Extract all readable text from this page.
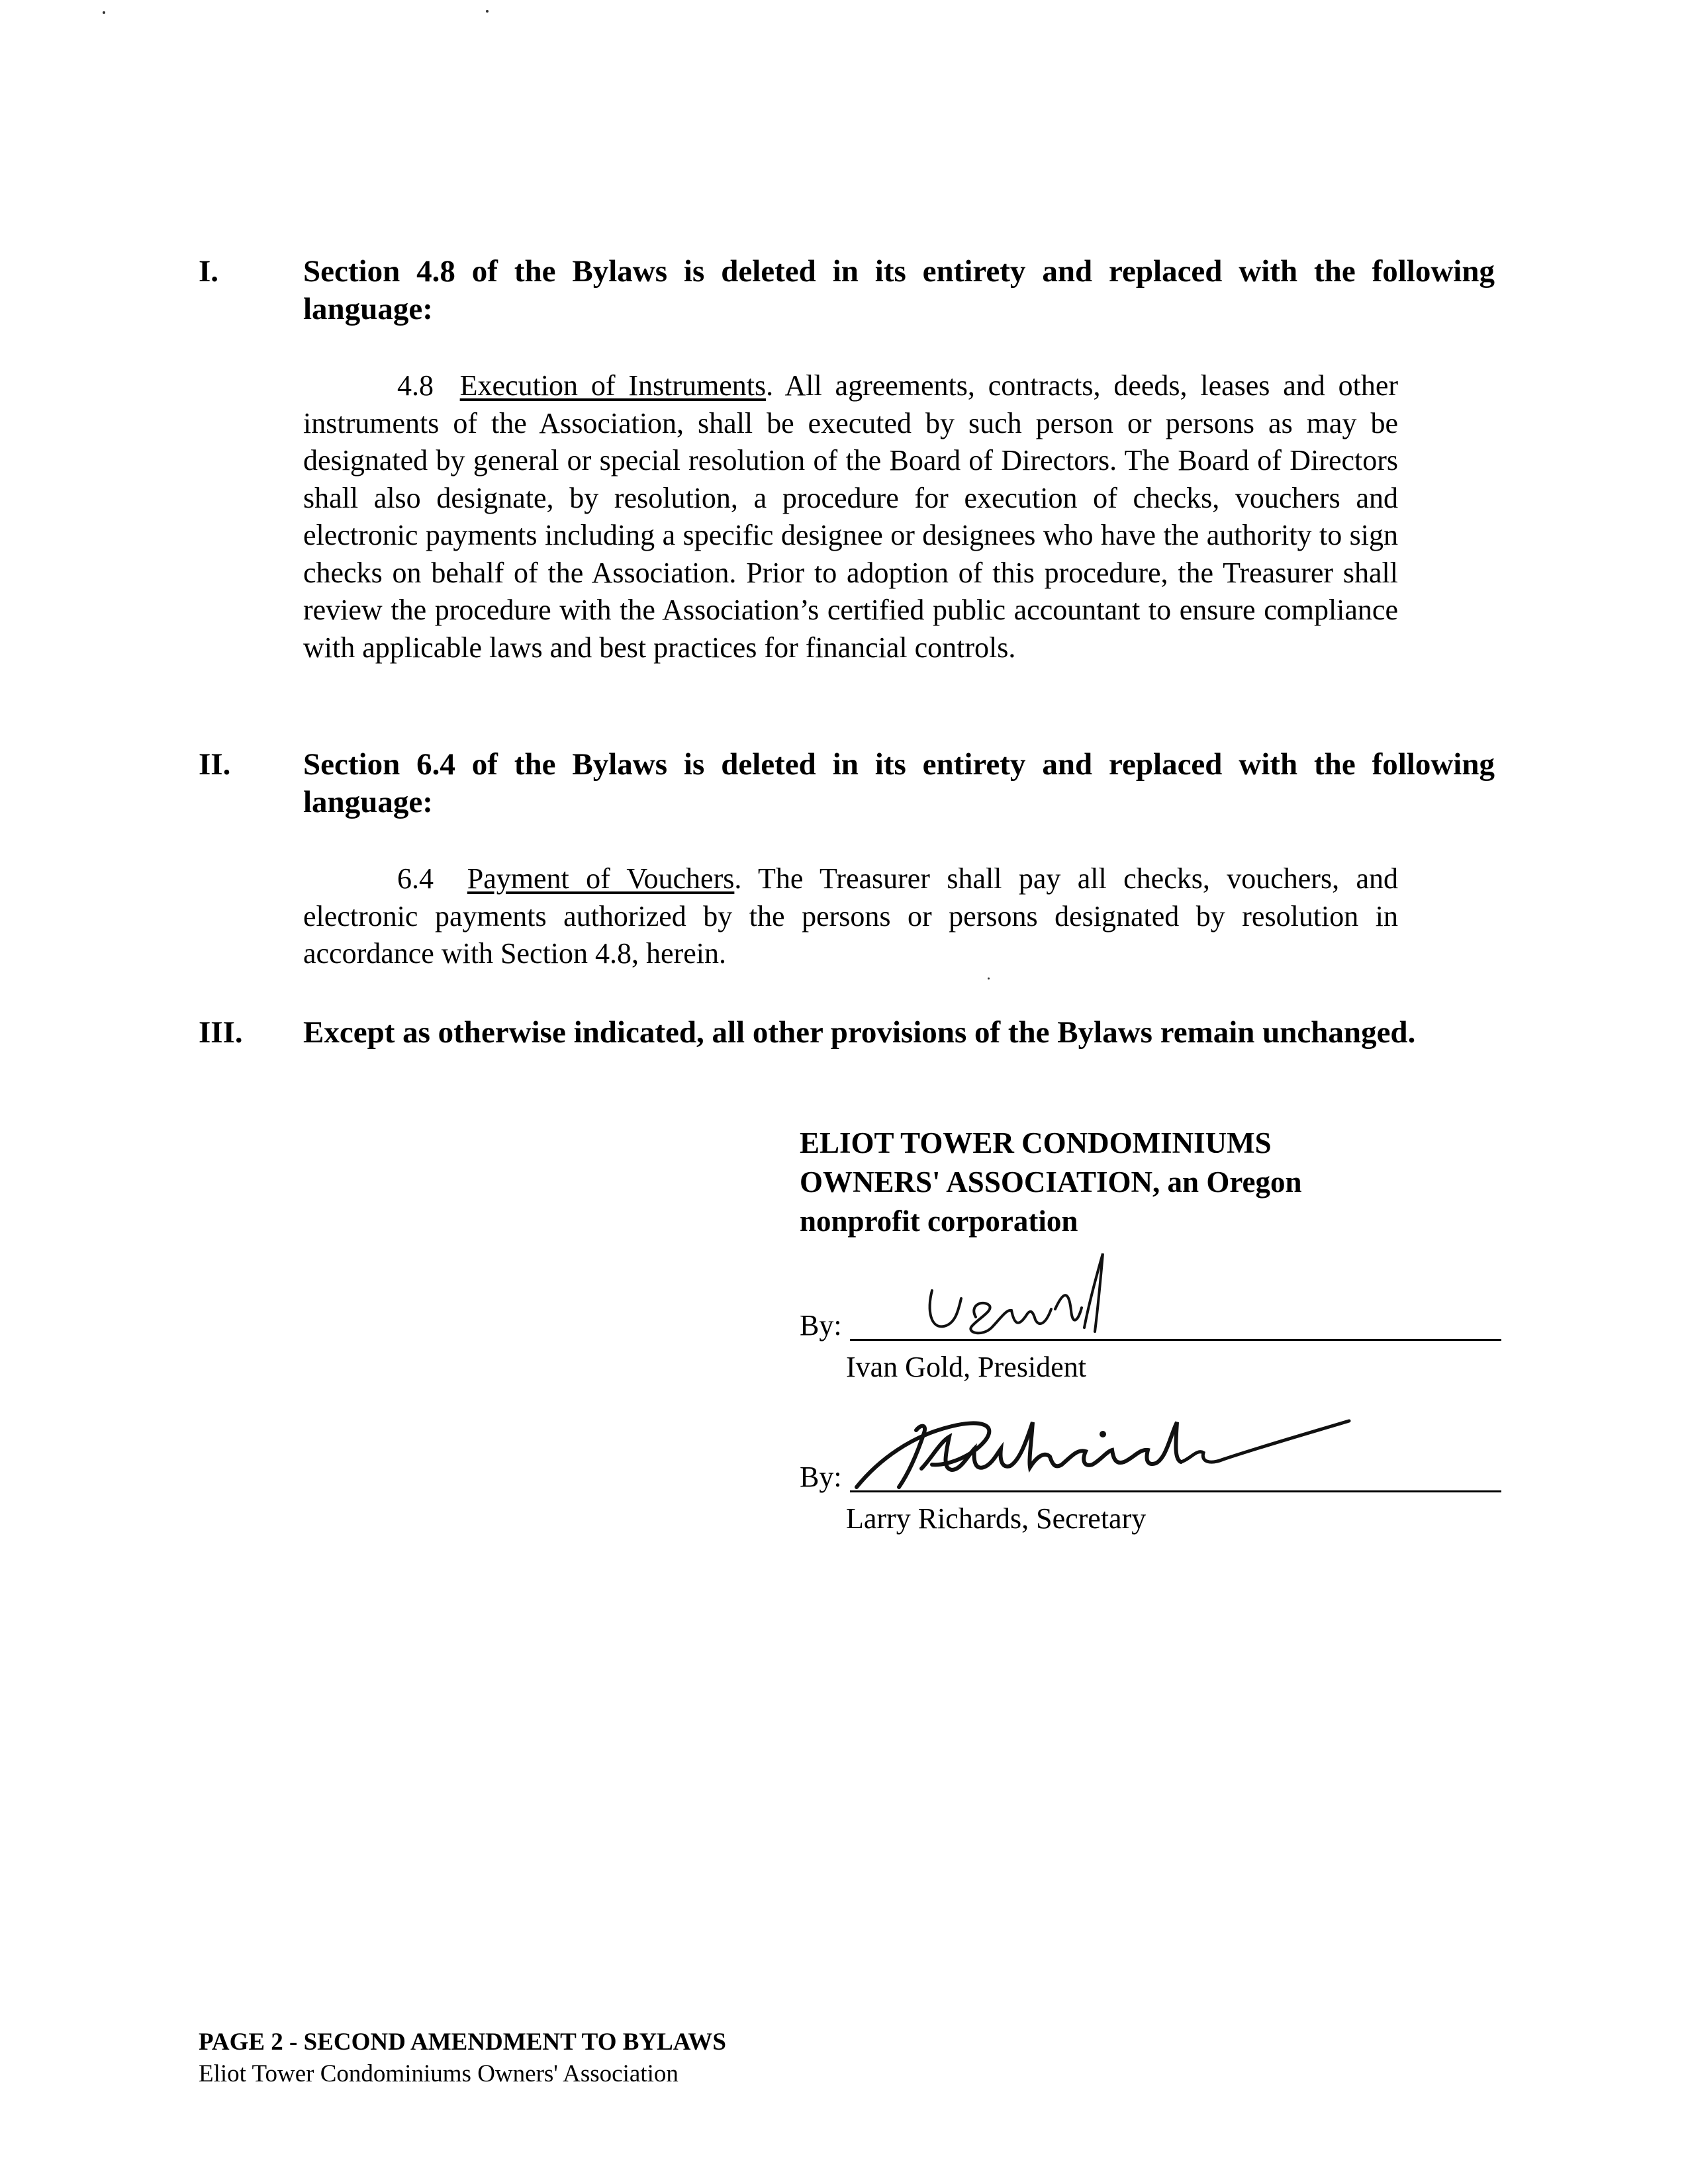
I.	Section 4.8 of the Bylaws is deleted in its entirety and replaced with the following language:
4.8 Execution of Instruments. All agreements, contracts, deeds, leases and other instruments of the Association, shall be executed by such person or persons as may be designated by general or special resolution of the Board of Directors. The Board of Directors shall also designate, by resolution, a procedure for execution of checks, vouchers and electronic payments including a specific designee or designees who have the authority to sign checks on behalf of the Association. Prior to adoption of this procedure, the Treasurer shall review the procedure with the Association’s certified public accountant to ensure compliance with applicable laws and best practices for financial controls.
II. Section 6.4 of the Bylaws is deleted in its entirety and replaced with the following language:
6.4 Payment of Vouchers. The Treasurer shall pay all checks, vouchers, and electronic payments authorized by the persons or persons designated by resolution in accordance with Section 4.8, herein.
III. Except as otherwise indicated, all other provisions of the Bylaws remain unchanged.
ELIOT TOWER CONDOMINIUMS
OWNERS' ASSOCIATION, an Oregon
nonprofit corporation
By:
Ivan Gold, President
By:
Larry Richards, Secretary
PAGE 2 - SECOND AMENDMENT TO BYLAWS
Eliot Tower Condominiums Owners' Association
